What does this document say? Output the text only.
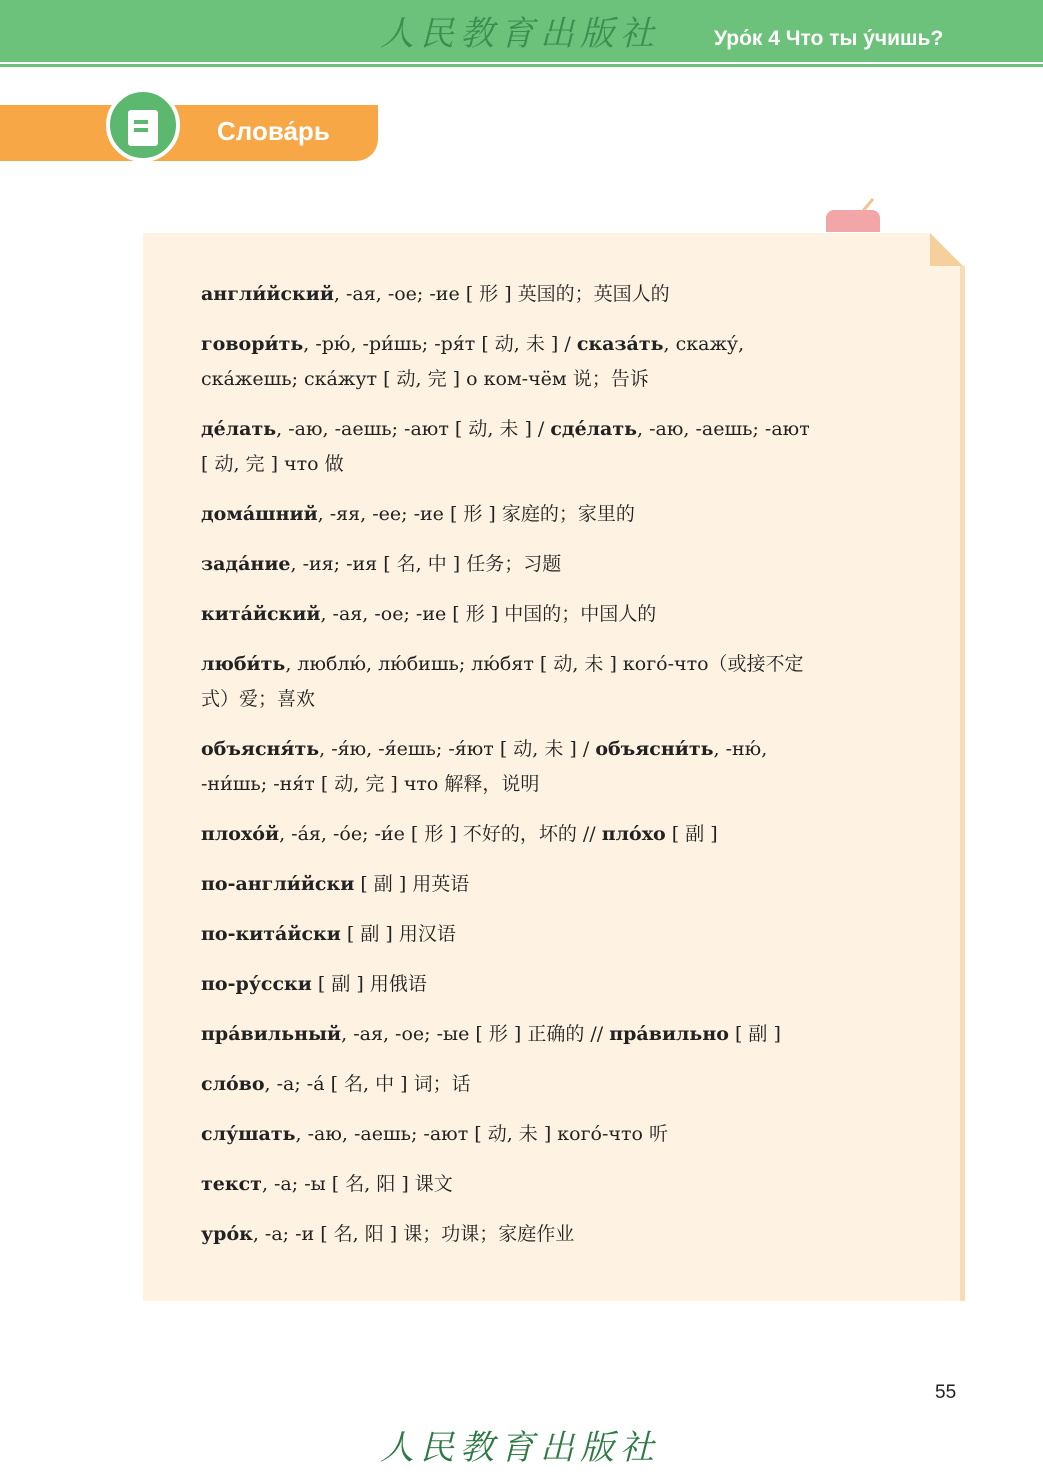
人民教育出版社	Уро́к 4 Что ты у́чишь?
Слова́рь
англи́йский, -ая, -ое; -ие [ 形 ] 英国的；英国人的
говори́ть, -рю́, -ри́шь; -ря́т [ 动, 未 ] / сказа́ть, скажу́, ска́жешь; ска́жут [ 动, 完 ] о ком-чём 说；告诉
де́лать, -аю, -аешь; -ают [ 动, 未 ] / сде́лать, -аю, -аешь; -ают [ 动, 完 ] что 做
дома́шний, -яя, -ее; -ие [ 形 ] 家庭的；家里的
зада́ние, -ия; -ия [ 名, 中 ] 任务；习题
кита́йский, -ая, -ое; -ие [ 形 ] 中国的；中国人的
люби́ть, люблю́, лю́бишь; лю́бят [ 动, 未 ] кого́-что（或接不定式）爱；喜欢
объясня́ть, -я́ю, -я́ешь; -я́ют [ 动, 未 ] / объясни́ть, -ню́, -ни́шь; -ня́т [ 动, 完 ] что 解释，说明
плохо́й, -а́я, -о́е; -и́е [ 形 ] 不好的，坏的 // пло́хо [ 副 ]
по-англи́йски [ 副 ] 用英语
по-кита́йски [ 副 ] 用汉语
по-ру́сски [ 副 ] 用俄语
пра́вильный, -ая, -ое; -ые [ 形 ] 正确的 // пра́вильно [ 副 ]
сло́во, -а; -а́ [ 名, 中 ] 词；话
слу́шать, -аю, -аешь; -ают [ 动, 未 ] кого́-что 听
текст, -а; -ы [ 名, 阳 ] 课文
уро́к, -а; -и [ 名, 阳 ] 课；功课；家庭作业
55
人民教育出版社
